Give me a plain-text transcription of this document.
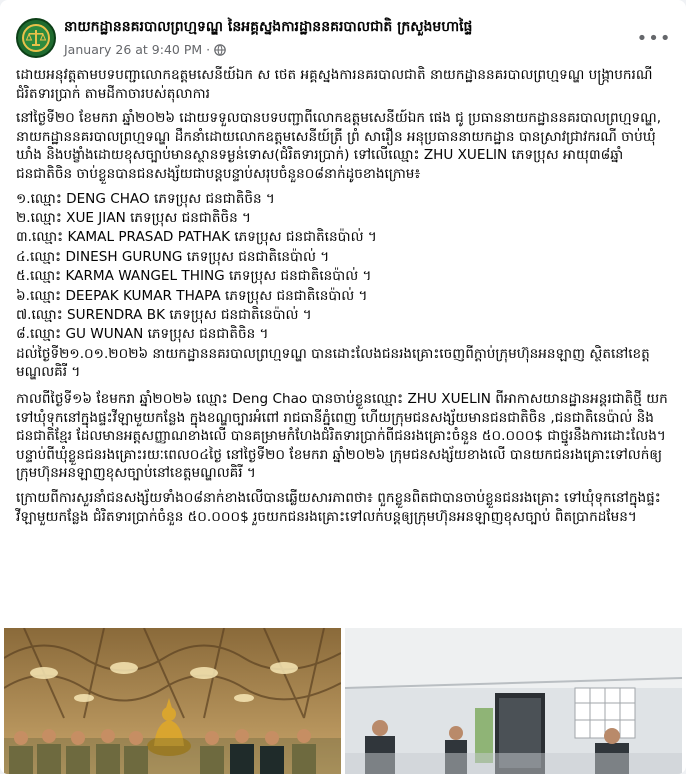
នាយកដ្ឋាននគរបាលព្រហ្មទណ្ឌ នៃអគ្គស្នងការដ្ឋាននគរបាលជាតិ ក្រសួងមហាផ្ទៃ
January 26 at 9:40 PM ·
•••

ដោយអនុវត្តតាមបទបញ្ជាលោកឧត្តមសេនីយ៍ឯក ស ថេត អគ្គស្នងការនគរបាលជាតិ នាយកដ្ឋាននគរបាលព្រហ្មទណ្ឌ បង្ក្រាបករណីជំរិតទារប្រាក់ តាមដីកាចារបស់តុលាការ

នៅថ្ងៃទី២០ ខែមករា ឆ្នាំ២០២៦ ដោយទទួលបានបទបញ្ជាពីលោកឧត្តមសេនីយ៍ឯក ផេង ជូ ប្រធាននាយកដ្ឋាននគរបាលព្រហ្មទណ្ឌ, នាយកដ្ឋាននគរបាលព្រហ្មទណ្ឌ ដឹកនាំដោយលោកឧត្តមសេនីយ៍ត្រី ព្រំ សារឿន អនុប្រធាននាយកដ្ឋាន បានស្រាវជ្រាវករណី ចាប់ឃុំឃាំង និងបង្ខាំងដោយខុសច្បាប់មានស្ថានទម្ងន់ទោស(ជំរិតទារប្រាក់) ទៅលើឈ្មោះ ZHU XUELIN ភេទប្រុស អាយុ៣៨ឆ្នាំ ជនជាតិចិន ចាប់ខ្លួនបានជនសង្ស័យជាបន្តបន្ទាប់សរុបចំនួន០៨នាក់ដូចខាងក្រោម៖

១.ឈ្មោះ DENG CHAO ភេទប្រុស ជនជាតិចិន ។
២.ឈ្មោះ XUE JIAN ភេទប្រុស ជនជាតិចិន ។
៣.ឈ្មោះ KAMAL PRASAD PATHAK ភេទប្រុស ជនជាតិនេប៉ាល់ ។
៤.ឈ្មោះ DINESH GURUNG ភេទប្រុស ជនជាតិនេប៉ាល់ ។
៥.ឈ្មោះ KARMA WANGEL THING ភេទប្រុស ជនជាតិនេប៉ាល់ ។
៦.ឈ្មោះ DEEPAK KUMAR THAPA ភេទប្រុស ជនជាតិនេប៉ាល់ ។
៧.ឈ្មោះ SURENDRA BK ភេទប្រុស ជនជាតិនេប៉ាល់ ។
៨.ឈ្មោះ GU WUNAN ភេទប្រុស ជនជាតិចិន ។
ដល់ថ្ងៃទី២១.០១.២០២៦ នាយកដ្ឋាននគរបាលព្រហ្មទណ្ឌ បានដោះលែងជនរងគ្រោះចេញពីក្ដាប់ក្រុមហ៊ុនអនឡាញ ស្ថិតនៅខេត្តមណ្ឌលគិរី ។

កាលពីថ្ងៃទី១៦ ខែមករា ឆ្នាំ២០២៦ ឈ្មោះ Deng Chao បានចាប់ខ្លួនឈ្មោះ ZHU XUELIN ពីអាកាសយានដ្ឋានអន្តរជាតិថ្មី យកទៅឃុំទុកនៅក្នុងផ្ទះវីឡាមួយកន្លែង ក្នុងខណ្ឌច្បារអំពៅ រាជធានីភ្នំពេញ ហើយក្រុមជនសង្ស័យមានជនជាតិចិន ,ជនជាតិនេប៉ាល់ និងជនជាតិខ្មែរ ដែលមានអត្តសញ្ញាណខាងលើ បានគម្រាមកំហែងជំរិតទារប្រាក់ពីជនរងគ្រោះចំនួន ៥០.០០០$ ជាថ្នូរនឹងការដោះលែង។ បន្ទាប់ពីឃុំខ្លួនជនរងគ្រោះរយៈពេល០៤ថ្ងៃ នៅថ្ងៃទី២០ ខែមករា ឆ្នាំ២០២៦ ក្រុមជនសង្ស័យខាងលើ បានយកជនរងគ្រោះទៅលក់ឲ្យក្រុមហ៊ុនអនឡាញខុសច្បាប់នៅខេត្តមណ្ឌលគិរី ។

ក្រោយពីការសួរនាំជនសង្ស័យទាំង០៨នាក់ខាងលើបានឆ្លើយសារភាពថា៖ ពួកខ្លួនពិតជាបានចាប់ខ្លួនជនរងគ្រោះ ទៅឃុំទុកនៅក្នុងផ្ទះវីឡាមួយកន្លែង ជំរិតទារប្រាក់ចំនួន ៥០.០០០$ រួចយកជនរងគ្រោះទៅលក់បន្តឲ្យក្រុមហ៊ុនអនឡាញខុសច្បាប់ ពិតប្រាកដមែន។
